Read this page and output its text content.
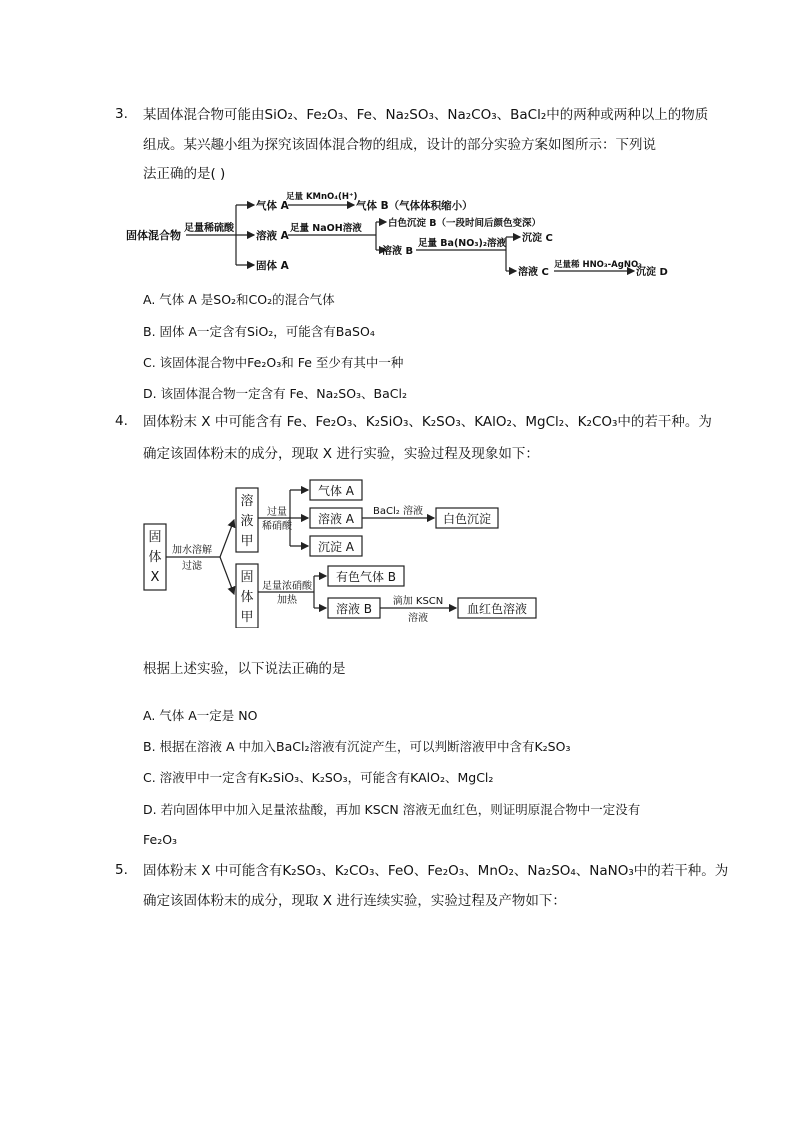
3. 某固体混合物可能由SiO₂、Fe₂O₃、Fe、Na₂SO₃、Na₂CO₃、BaCl₂中的两种或两种以上的物质
组成。某兴趣小组为探究该固体混合物的组成，设计的部分实验方案如图所示：下列说
法正确的是( )
固体混合物
足量稀硫酸
气体 A
足量 KMnO₄(H⁺)
气体 B（气体体积缩小）
溶液 A
足量 NaOH溶液	白色沉淀 B（一段时间后颜色变深）
溶液 B
足量 Ba(NO₃)₂溶液 沉淀 C
溶液 C
足量稀 HNO₃-AgNO₃
沉淀 D
固体 A
A. 气体 A 是SO₂和CO₂的混合气体
B. 固体 A一定含有SiO₂，可能含有BaSO₄
C. 该固体混合物中Fe₂O₃和 Fe 至少有其中一种
D. 该固体混合物一定含有 Fe、Na₂SO₃、BaCl₂
4. 固体粉末 X 中可能含有 Fe、Fe₂O₃、K₂SiO₃、K₂SO₃、KAlO₂、MgCl₂、K₂CO₃中的若干种。为
确定该固体粉末的成分，现取 X 进行实验，实验过程及现象如下：
固
体
X
加水溶解
过滤
溶
液
甲
过量
稀硝酸
气体 A
溶液 A
沉淀 A
BaCl₂ 溶液
白色沉淀
固
体
甲
足量浓硝酸
加热
有色气体 B
溶液 B
滴加 KSCN
溶液
血红色溶液
根据上述实验，以下说法正确的是
A. 气体 A一定是 NO
B. 根据在溶液 A 中加入BaCl₂溶液有沉淀产生，可以判断溶液甲中含有K₂SO₃
C. 溶液甲中一定含有K₂SiO₃、K₂SO₃，可能含有KAlO₂、MgCl₂
D. 若向固体甲中加入足量浓盐酸，再加 KSCN 溶液无血红色，则证明原混合物中一定没有
Fe₂O₃
5. 固体粉末 X 中可能含有K₂SO₃、K₂CO₃、FeO、Fe₂O₃、MnO₂、Na₂SO₄、NaNO₃中的若干种。为
确定该固体粉末的成分，现取 X 进行连续实验，实验过程及产物如下：
